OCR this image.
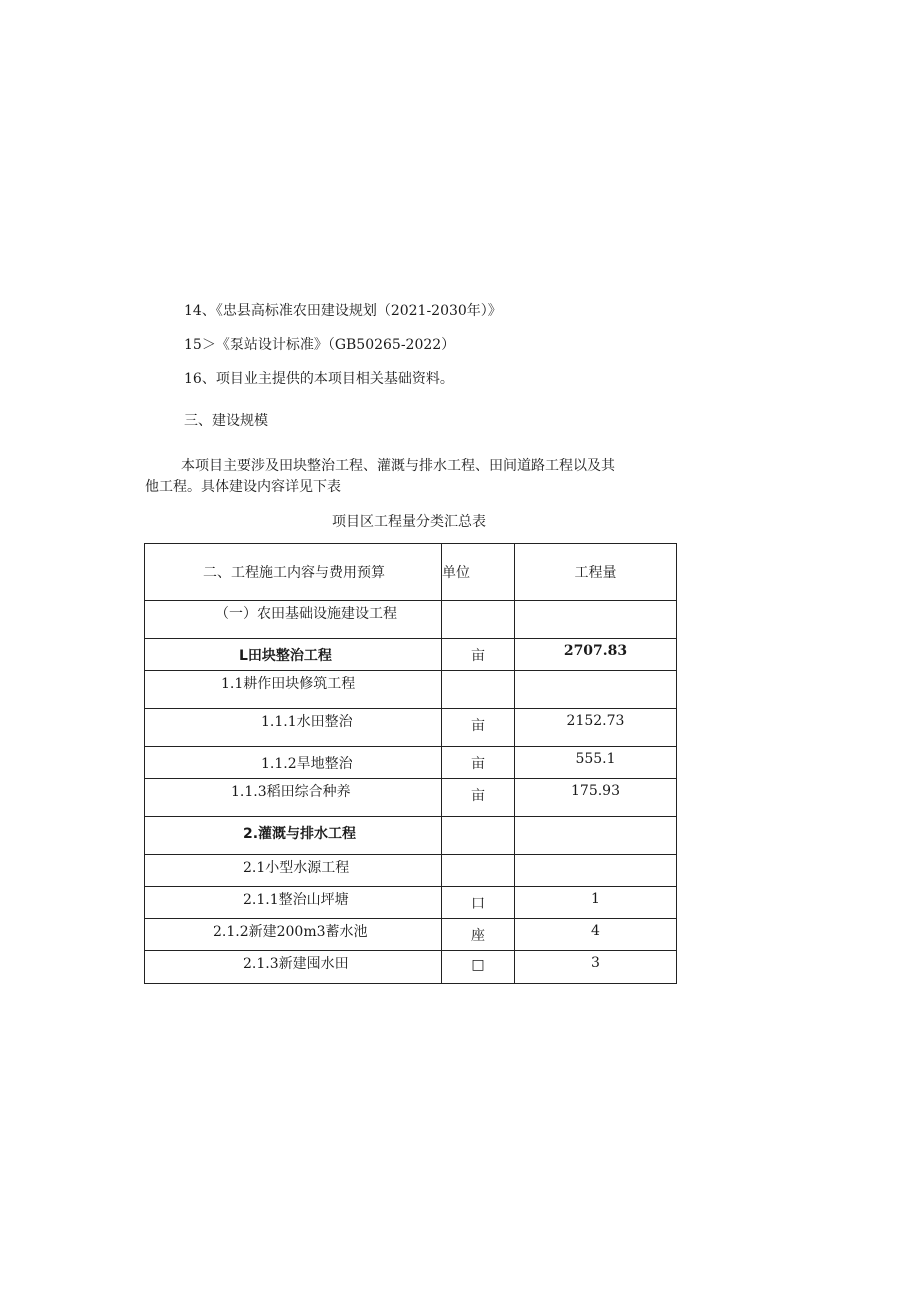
14、《忠县高标准农田建设规划（2021-2030年）》
15＞《泵站设计标准》（GB50265-2022）
16、项目业主提供的本项目相关基础资料。
三、建设规模
本项目主要涉及田块整治工程、灌溉与排水工程、田间道路工程以及其
他工程。具体建设内容详见下表
项目区工程量分类汇总表
二、工程施工内容与费用预算	单位	工程量
（一）农田基础设施建设工程		
L田块整治工程	亩	2707.83
1.1耕作田块修筑工程		
1.1.1水田整治	亩	2152.73
1.1.2旱地整治	亩	555.1
1.1.3稻田综合种养	亩	175.93
2.灌溉与排水工程		
2.1小型水源工程		
2.1.1整治山坪塘	口	1
2.1.2新建200m3蓄水池	座	4
2.1.3新建囤水田	□	3
